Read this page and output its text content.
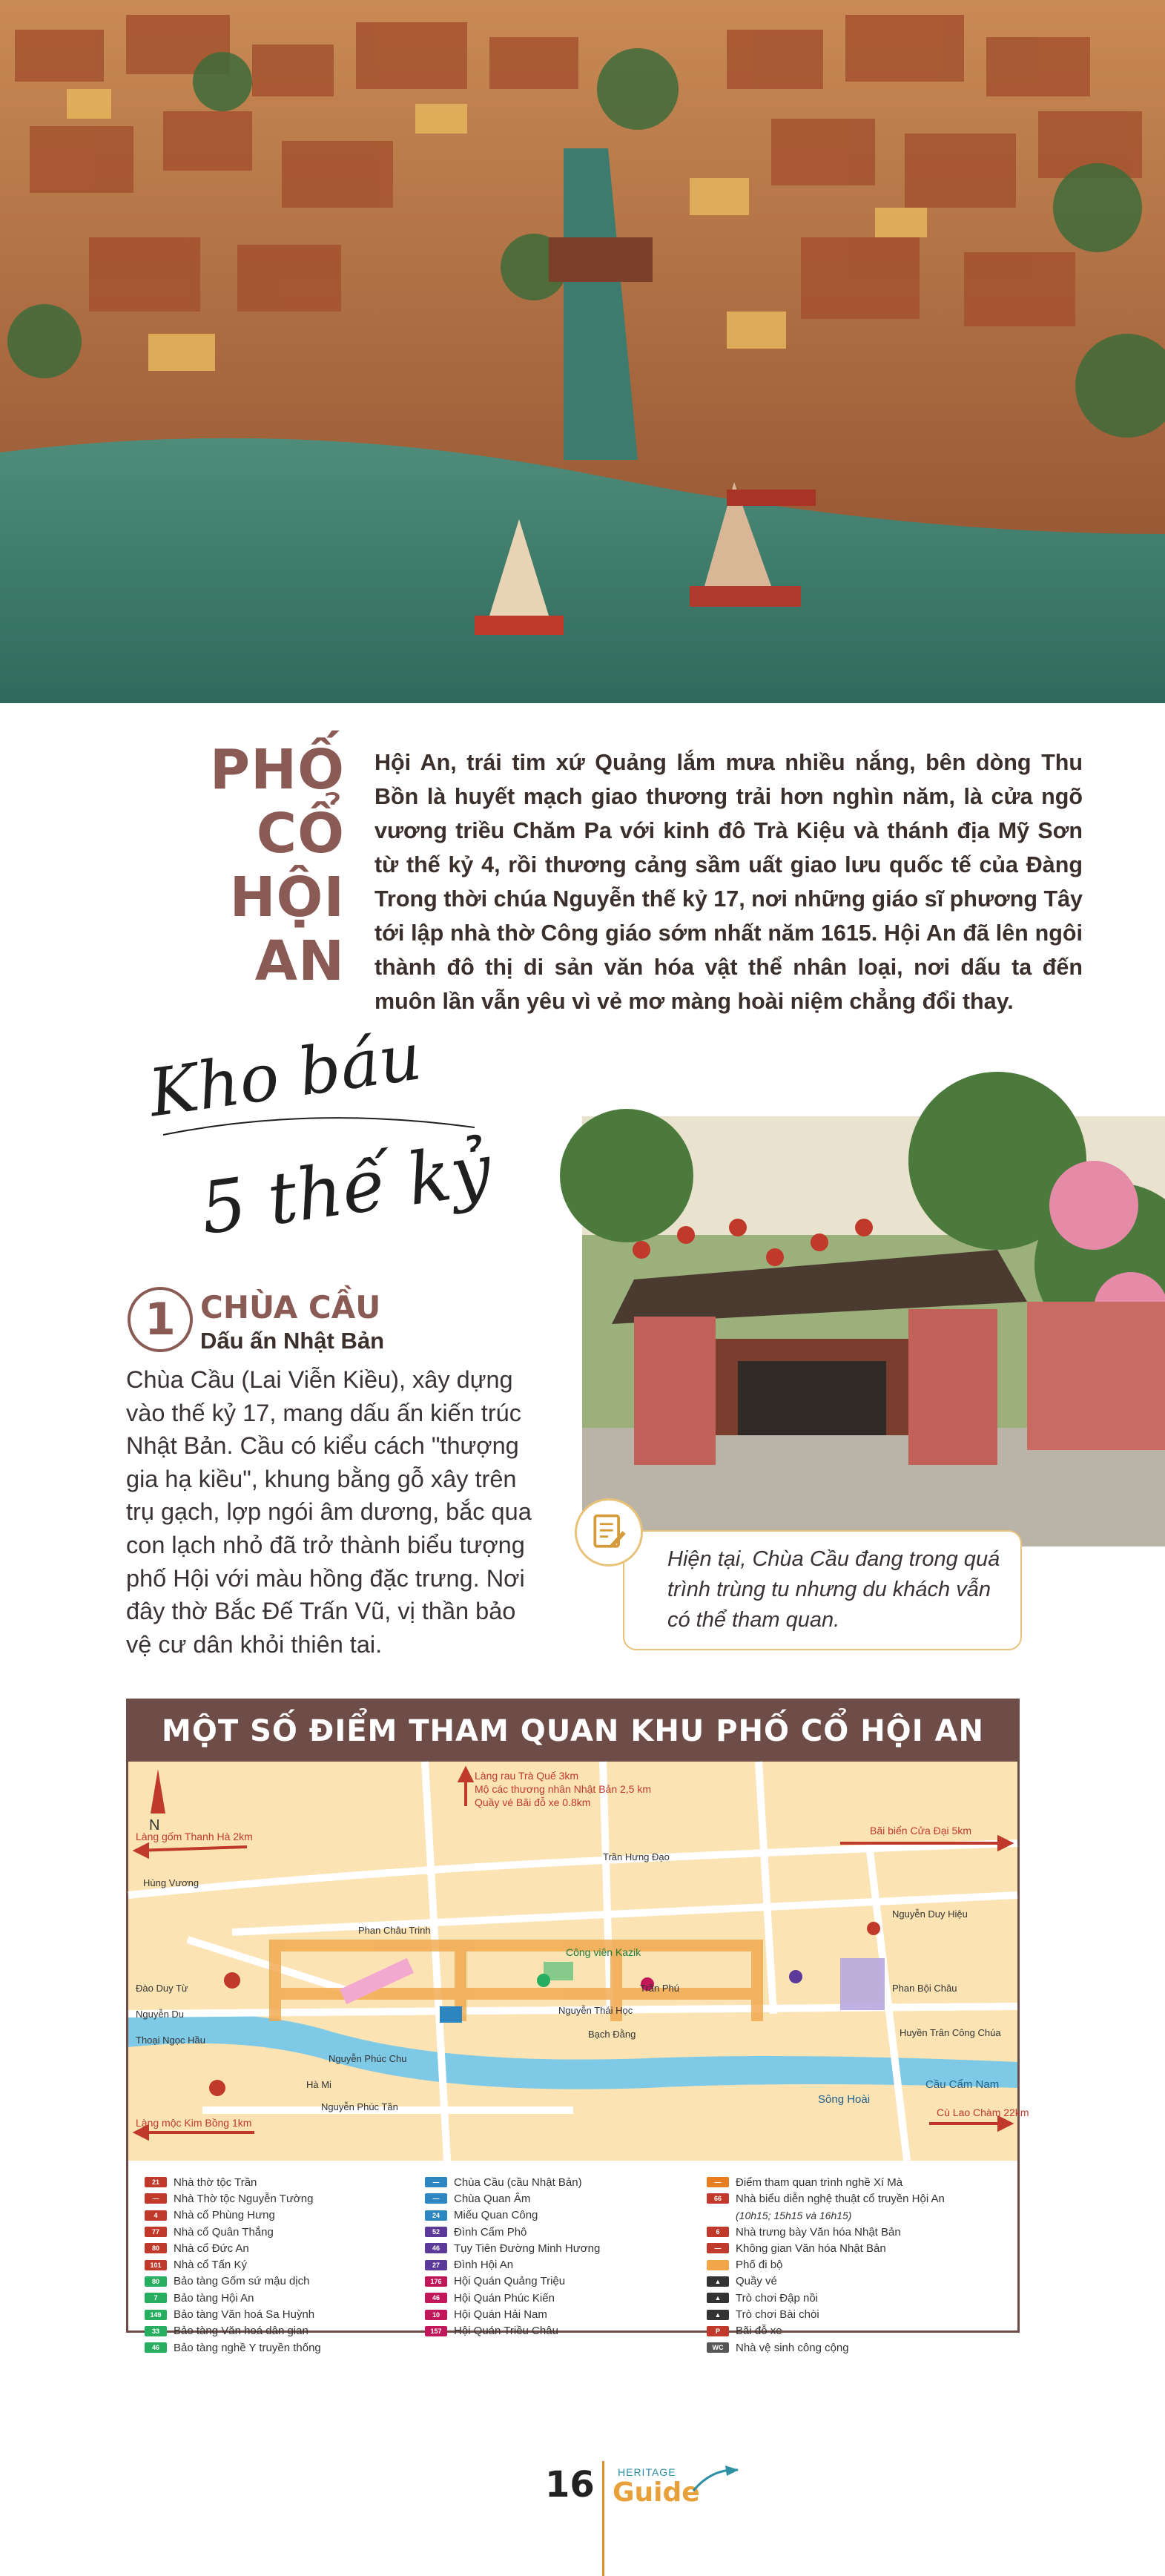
PHỐ
CỔ
HỘI
AN

Hội An, trái tim xứ Quảng lắm mưa nhiều nắng, bên dòng Thu Bồn là huyết mạch giao thương trải hơn nghìn năm, là cửa ngõ vương triều Chăm Pa với kinh đô Trà Kiệu và thánh địa Mỹ Sơn từ thế kỷ 4, rồi thương cảng sầm uất giao lưu quốc tế của Đàng Trong thời chúa Nguyễn thế kỷ 17, nơi những giáo sĩ phương Tây tới lập nhà thờ Công giáo sớm nhất năm 1615. Hội An đã lên ngôi thành đô thị di sản văn hóa vật thể nhân loại, nơi dấu ta đến muôn lần vẫn yêu vì vẻ mơ màng hoài niệm chẳng đổi thay.

Kho báu
5 thế kỷ
1 CHÙA CẦU
Dấu ấn Nhật Bản

Chùa Cầu (Lai Viễn Kiều), xây dựng vào thế kỷ 17, mang dấu ấn kiến trúc Nhật Bản. Cầu có kiểu cách "thượng gia hạ kiều", khung bằng gỗ xây trên trụ gạch, lợp ngói âm dương, bắc qua con lạch nhỏ đã trở thành biểu tượng phố Hội với màu hồng đặc trưng. Nơi đây thờ Bắc Đế Trấn Vũ, vị thần bảo vệ cư dân khỏi thiên tai.

Hiện tại, Chùa Cầu đang trong quá trình trùng tu nhưng du khách vẫn có thể tham quan.

MỘT SỐ ĐIỂM THAM QUAN KHU PHỐ CỔ HỘI AN
N
Làng rau Trà Quế 3km
Mộ các thương nhân Nhật Bản 2,5 km
Quầy vé Bãi đỗ xe 0.8km
Làng gốm Thanh Hà 2km	Bãi biển Cửa Đại 5km
Làng mộc Kim Bồng 1km
Cù Lao Chàm 22km
Cầu Cẩm Nam
Sông Hoài
Công viên Kazik
Trần Hưng Đạo
Hùng Vương
Phan Châu Trinh
Trần Phú
Nguyễn Thái Học
Bạch Đằng
Nguyễn Phúc Chu
Nguyễn Phúc Tần
Nguyễn Duy Hiệu
Phan Bội Châu
Huyền Trân Công Chúa
Đào Duy Từ
Nguyễn Du
Thoại Ngọc Hầu
Hà Mi
21	Nhà thờ tộc Trần
—	Nhà Thờ tộc Nguyễn Tường
4	Nhà cổ Phùng Hưng
77	Nhà cổ Quân Thắng
80	Nhà cổ Đức An
101	Nhà cổ Tấn Ký
80	Bảo tàng Gốm sứ mậu dịch
7	Bảo tàng Hội An
149	Bảo tàng Văn hoá Sa Huỳnh
33	Bảo tàng Văn hoá dân gian
46	Bảo tàng nghề Y truyền thống
—	Chùa Cầu (cầu Nhật Bản)
—	Chùa Quan Âm
24	Miếu Quan Công
52	Đình Cẩm Phô
46	Tụy Tiên Đường Minh Hương
27	Đình Hội An
176	Hội Quán Quảng Triệu
46	Hội Quán Phúc Kiến
10	Hội Quán Hải Nam
157	Hội Quán Triều Châu
—	Điểm tham quan trình nghề Xí Mà
66	Nhà biểu diễn nghệ thuật cổ truyền Hội An
(10h15; 15h15 và 16h15)
6	Nhà trưng bày Văn hóa Nhật Bản
—	Không gian Văn hóa Nhật Bản
Phố đi bộ
▲	Quầy vé
▲	Trò chơi Đập nồi
▲	Trò chơi Bài chòi
P	Bãi đỗ xe
WC	Nhà vệ sinh công cộng
16 HERITAGE
Guide
